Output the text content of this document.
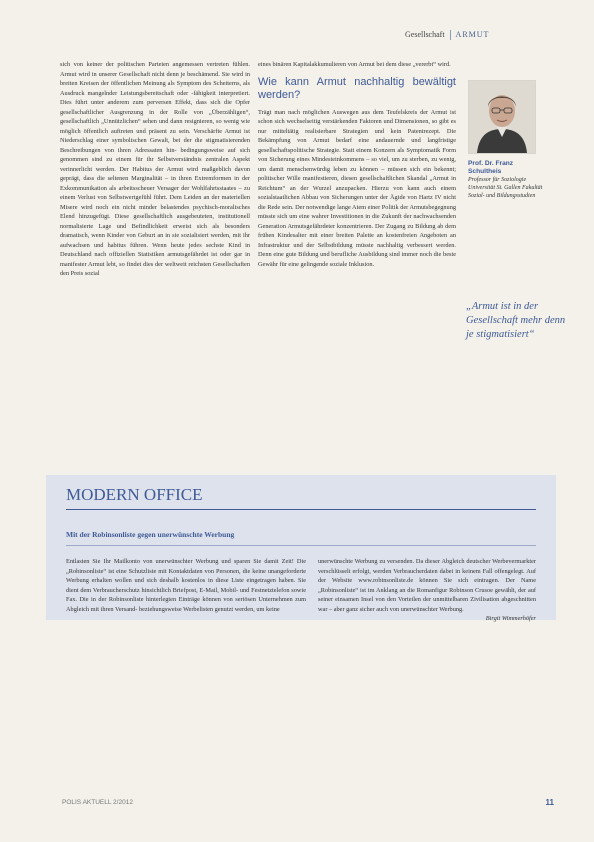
Gesellschaft ARMUT

sich von keiner der politischen Parteien angemessen vertreten fühlen. Armut wird in unserer Gesellschaft nicht denn je beschämend. Sie wird in breiten Kreisen der öffentlichen Meinung als Symptom des Scheiterns, als Ausdruck mangelnder Leistungsbereitschaft oder -fähigkeit interpretiert. Dies führt unter anderem zum perversen Effekt, dass sich die Opfer gesellschaftlicher Ausgrenzung in der Rolle von „Überzähligen“, gesellschaftlich „Unnützlichen“ sehen und dann resignieren, so wenig wie möglich öffentlich auftreten und präsent zu sein. Verschärfte Armut ist Niederschlag einer symbolischen Gewalt, bei der die stigmatisierenden Beschreibungen von ihren Adressaten hin- bedingungsweise auf sich genommen sind zu einem für ihr Selbstverständnis zentralen Aspekt verinnerlicht werden. Der Habitus der Armut wird maßgeblich davon geprägt, dass die seltenen Marginalität – in ihren Extremformen in der Exkommunikation als arbeitsscheuer Versager der Wohlfahrtsstaates – zu einem Verlust von Selbstwertgefühl führt. Dem Leiden an der materiellen Misere wird noch ein nicht minder belastendes psychisch-moralisches Elend hinzugefügt. Diese gesellschaftlich ausgebeuteten, institutionell normalisierte Lage und Befindlichkeit erweist sich als besonders dramatisch, wenn Kinder von Geburt an in sie sozialisiert werden, mit ihr aufwachsen und habitus führen. Wenn heute jedes sechste Kind in Deutschland nach offiziellen Statistiken armutsgefährdet ist oder gar in manifester Armut lebt, so findet dies der weltweit reichsten Gesellschaften den Preis sozial

eines binären Kapitalakkumulieren von Armut bei dem diese „vererbt“ wird.

Wie kann Armut nachhaltig bewältigt werden?

Trägt man nach möglichen Auswegen aus dem Teufelskreis der Armut ist schon sich wechselseitig verstärkenden Faktoren und Dimensionen, so gibt es nur mitteltätig realisierbare Strategien und kein Patentrezept. Die Bekämpfung von Armut bedarf eine andauernde und langfristige gesellschaftspolitische Strategie. Statt einem Konzern als Symptomatik Form von Sicherung eines Mindesteinkommens – so viel, um zu sterben, zu wenig, um damit menschenwürdig leben zu können – müssen sich ein bekennt; politischer Wille manifestieren, diesen gesellschaftlichen Skandal „Armut in Reichtum“ an der Wurzel anzupacken. Hierzu von kann auch einem sozialstaatlichen Abbau von Sicherungen unter der Ägide von Hartz IV nicht die Rede sein. Der notwendige lange Atem einer Politik der Armutsbegegnung müsste sich um eine wahrer Investitionen in die Zukunft der nachwachsenden Generation Armutsgefährdeter konzentrieren. Der Zugang zu Bildung ab dem frühen Kindesalter mit einer breiten Palette an kostenfreien Angeboten an Infrastruktur und der Selbstbildung müsste nachhaltig verbessert werden. Denn eine gute Bildung und berufliche Ausbildung sind immer noch die beste Gewähr für eine gelingende soziale Inklusion.

Prof. Dr. Franz Schultheis
Professor für Soziologie Universität St. Gallen Fakultät Sozial- und Bildungsstudien
„Armut ist in der Gesellschaft mehr denn je stigmatisiert“
MODERN OFFICE
Mit der Robinsonliste gegen unerwünschte Werbung
Entlasten Sie Ihr Mailkonto von unerwünschter Werbung und sparen Sie damit Zeit! Die „Robinsonliste“ ist eine Schutzliste mit Kontaktdaten von Personen, die keine unangeforderte Werbung erhalten wollen und sich deshalb kostenlos in diese Liste eingetragen haben. Sie dient dem Verbraucherschutz hinsichtlich Briefpost, E-Mail, Mobil- und Festnetztelefon sowie Fax. Die in der Robinsonliste hinterlegten Einträge können von seriösen Unternehmen zum Abgleich mit ihren Versand- beziehungsweise Werbelisten genutzt werden, um keine
unerwünschte Werbung zu versenden. Da dieser Abgleich deutscher Werbevermarkter verschlüsselt erfolgt, werden Verbraucherdaten dabei in keinem Fall offengelegt. Auf der Website www.robinsonliste.de können Sie sich eintragen. Der Name „Robinsonliste“ ist im Anklang an die Romanfigur Robinson Crusoe gewählt, der auf seiner einsamen Insel von den Vorteilen der unmittelbaren Zivilisation abgeschnitten war – aber ganz sicher auch von unerwünschter Werbung.
Birgit Wimmerhöfer
POLIS AKTUELL 2/2012	11
